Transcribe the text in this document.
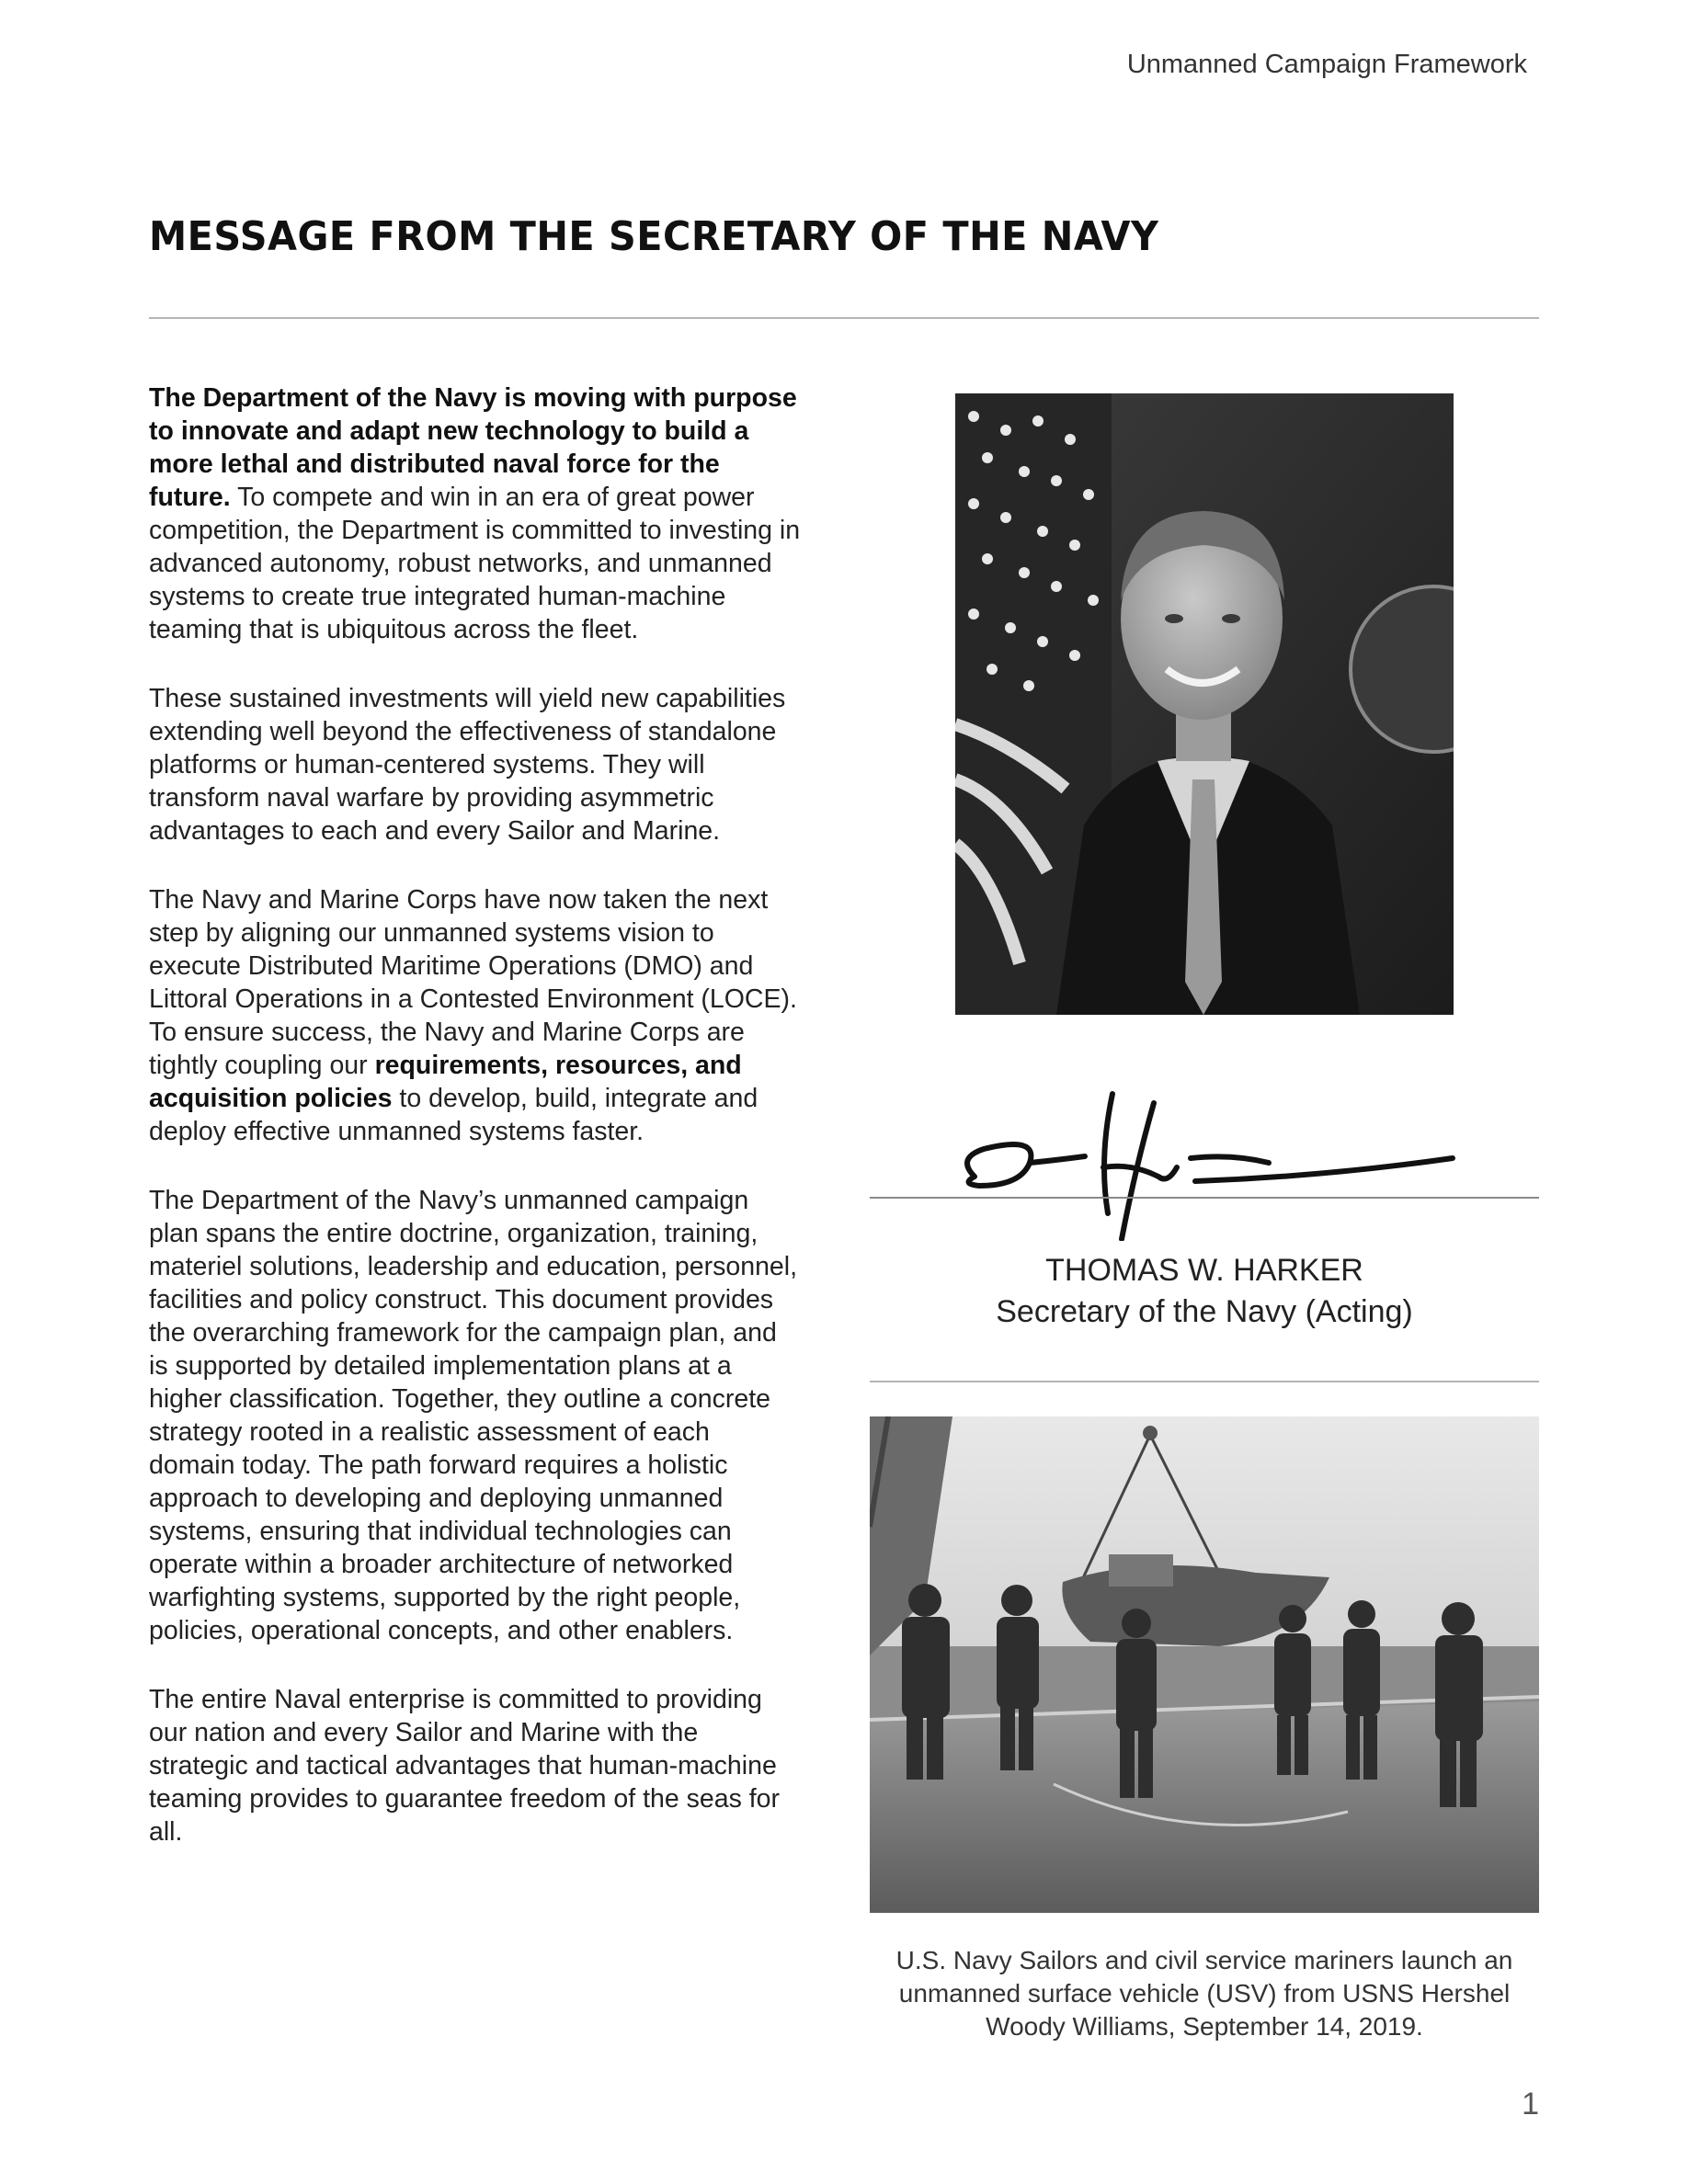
Unmanned Campaign Framework
MESSAGE FROM THE SECRETARY OF THE NAVY

The Department of the Navy is moving with purpose to innovate and adapt new technology to build a more lethal and distributed naval force for the future. To compete and win in an era of great power competition, the Department is committed to investing in advanced autonomy, robust networks, and unmanned systems to create true integrated human-machine teaming that is ubiquitous across the fleet.

These sustained investments will yield new capabilities extending well beyond the effectiveness of standalone platforms or human-centered systems. They will transform naval warfare by providing asymmetric advantages to each and every Sailor and Marine.

The Navy and Marine Corps have now taken the next step by aligning our unmanned systems vision to execute Distributed Maritime Operations (DMO) and Littoral Operations in a Contested Environment (LOCE). To ensure success, the Navy and Marine Corps are tightly coupling our requirements, resources, and acquisition policies to develop, build, integrate and deploy effective unmanned systems faster.

The Department of the Navy’s unmanned campaign plan spans the entire doctrine, organization, training, materiel solutions, leadership and education, personnel, facilities and policy construct. This document provides the overarching framework for the campaign plan, and is supported by detailed implementation plans at a higher classification. Together, they outline a concrete strategy rooted in a realistic assessment of each domain today. The path forward requires a holistic approach to developing and deploying unmanned systems, ensuring that individual technologies can operate within a broader architecture of networked warfighting systems, supported by the right people, policies, operational concepts, and other enablers.

The entire Naval enterprise is committed to providing our nation and every Sailor and Marine with the strategic and tactical advantages that human-machine teaming provides to guarantee freedom of the seas for all.

THOMAS W. HARKER
Secretary of the Navy (Acting)
U.S. Navy Sailors and civil service mariners launch an unmanned surface vehicle (USV) from USNS Hershel Woody Williams, September 14, 2019.
1
